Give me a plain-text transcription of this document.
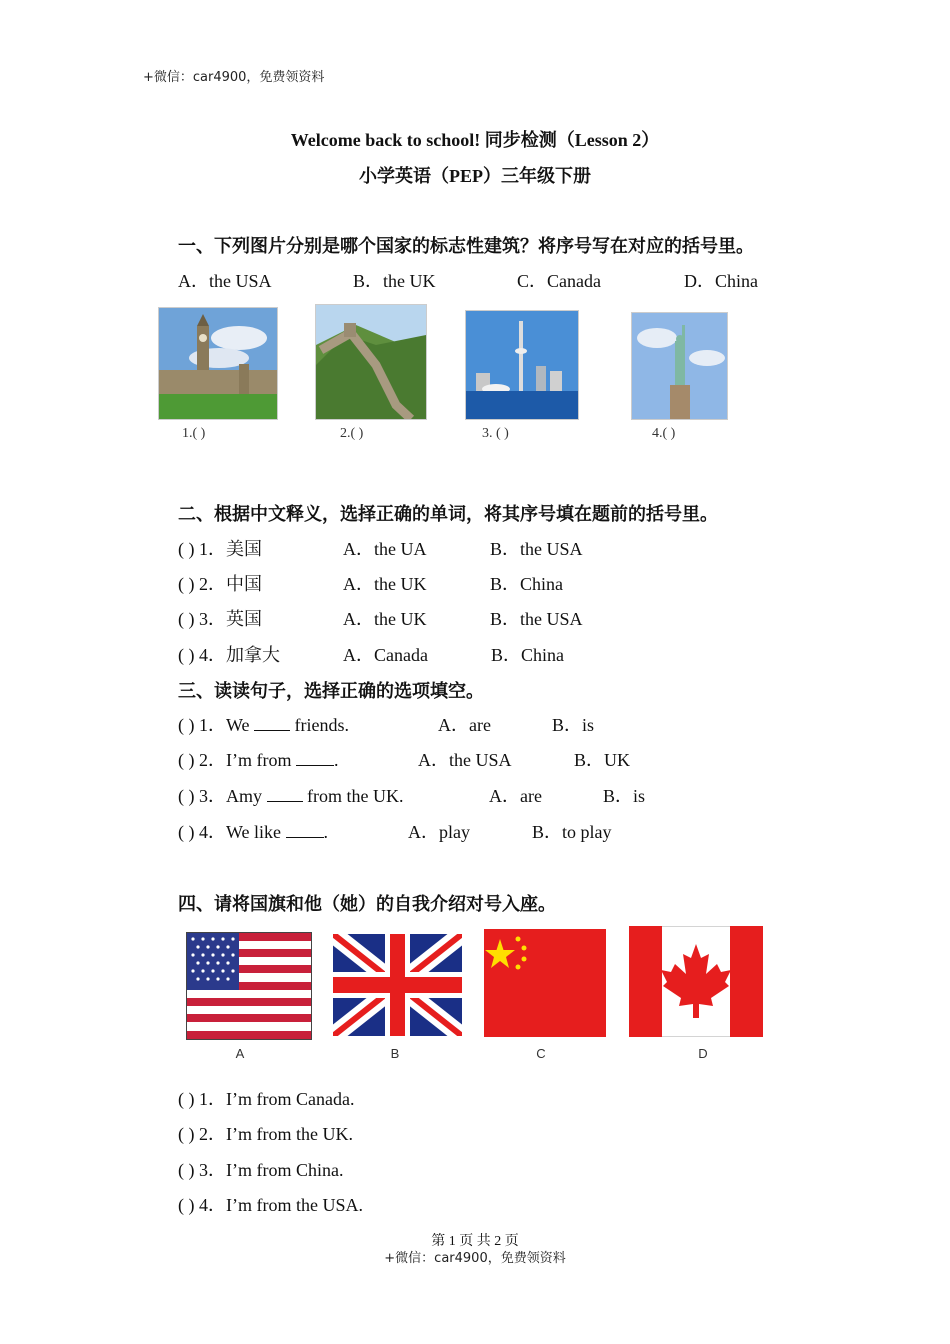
+微信：car4900，免费领资料
Welcome back to school! 同步检测（Lesson 2）
小学英语（PEP）三年级下册
一、下列图片分别是哪个国家的标志性建筑？将序号写在对应的括号里。
A．the USA	B．the UK	C．Canada	D．China
1.( )	2.( )	3. ( )	4.( )
二、根据中文释义，选择正确的单词，将其序号填在题前的括号里。
( ) 1．美国	A．the UA	B．the USA
( ) 2．中国	A．the UK	B．China
( ) 3．英国	A．the UK	B．the USA
( ) 4．加拿大	A．Canada	B．China
三、读读句子，选择正确的选项填空。
( ) 1．We  friends.	A．are	B．is
( ) 2．I’m from .	A．the USA	B．UK
( ) 3．Amy  from the UK.	A．are	B．is
( ) 4．We like .	A．play	B．to play
四、请将国旗和他（她）的自我介绍对号入座。
A	B	C	D
( ) 1．I’m from Canada.
( ) 2．I’m from the UK.
( ) 3．I’m from China.
( ) 4．I’m from the USA.
第 1 页 共 2 页
+微信：car4900，免费领资料
